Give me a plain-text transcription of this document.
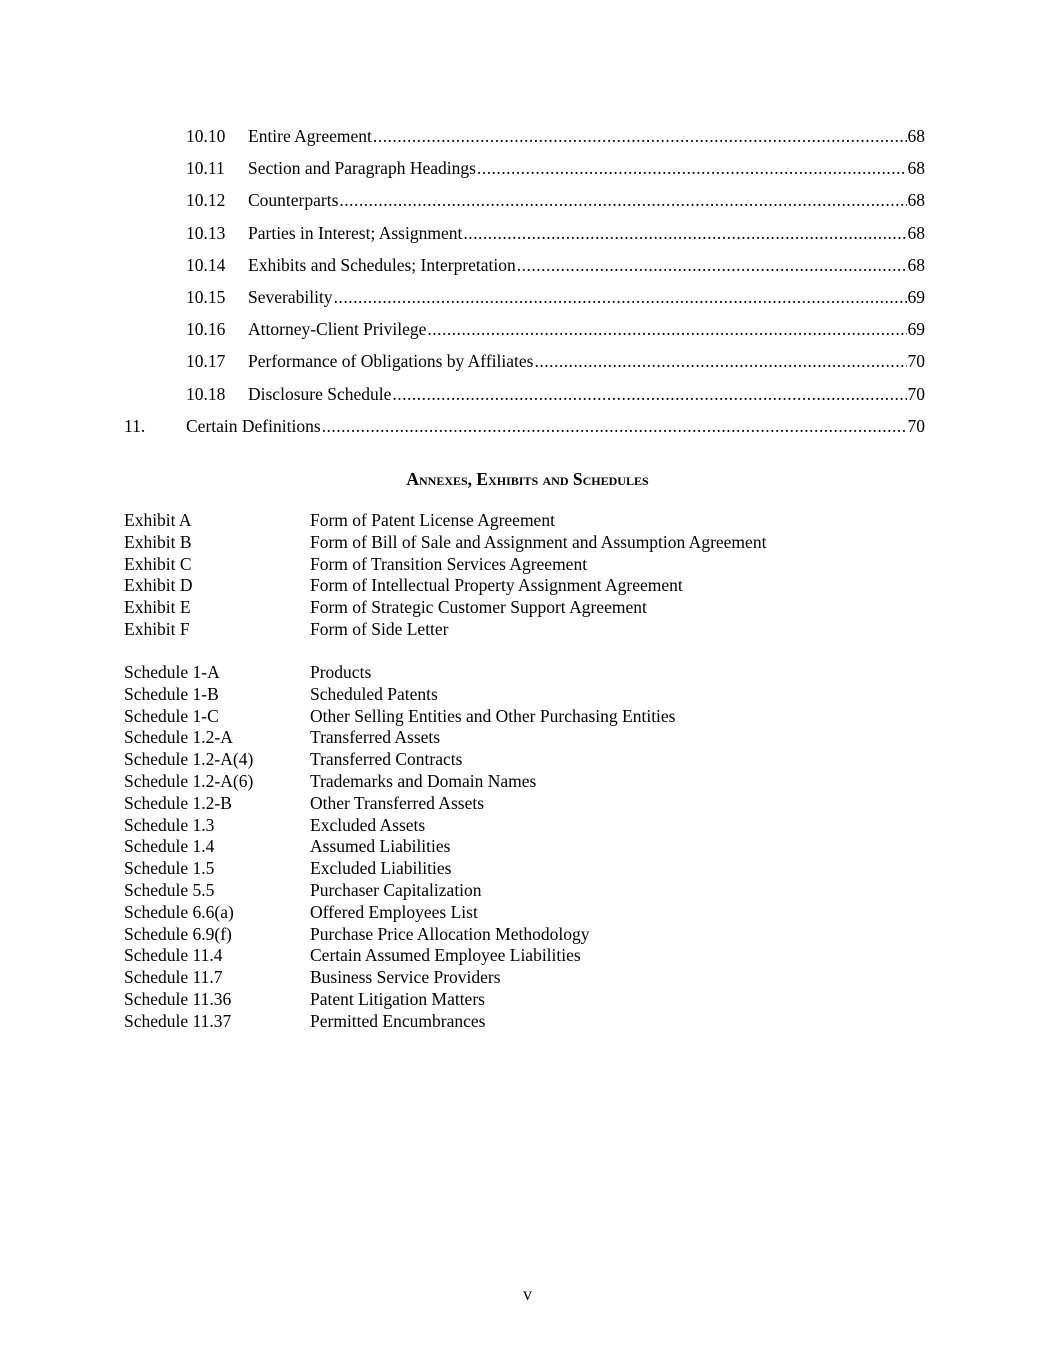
10.10	Entire Agreement .....	68
10.11	Section and Paragraph Headings .....	68
10.12	Counterparts .....	68
10.13	Parties in Interest; Assignment .....	68
10.14	Exhibits and Schedules; Interpretation .....	68
10.15	Severability .....	69
10.16	Attorney-Client Privilege .....	69
10.17	Performance of Obligations by Affiliates .....	70
10.18	Disclosure Schedule .....	70
11.	Certain Definitions .....	70
Annexes, Exhibits and Schedules
Exhibit A	Form of Patent License Agreement
Exhibit B	Form of Bill of Sale and Assignment and Assumption Agreement
Exhibit C	Form of Transition Services Agreement
Exhibit D	Form of Intellectual Property Assignment Agreement
Exhibit E	Form of Strategic Customer Support Agreement
Exhibit F	Form of Side Letter
Schedule 1-A	Products
Schedule 1-B	Scheduled Patents
Schedule 1-C	Other Selling Entities and Other Purchasing Entities
Schedule 1.2-A	Transferred Assets
Schedule 1.2-A(4)	Transferred Contracts
Schedule 1.2-A(6)	Trademarks and Domain Names
Schedule 1.2-B	Other Transferred Assets
Schedule 1.3	Excluded Assets
Schedule 1.4	Assumed Liabilities
Schedule 1.5	Excluded Liabilities
Schedule 5.5	Purchaser Capitalization
Schedule 6.6(a)	Offered Employees List
Schedule 6.9(f)	Purchase Price Allocation Methodology
Schedule 11.4	Certain Assumed Employee Liabilities
Schedule 11.7	Business Service Providers
Schedule 11.36	Patent Litigation Matters
Schedule 11.37	Permitted Encumbrances
v
